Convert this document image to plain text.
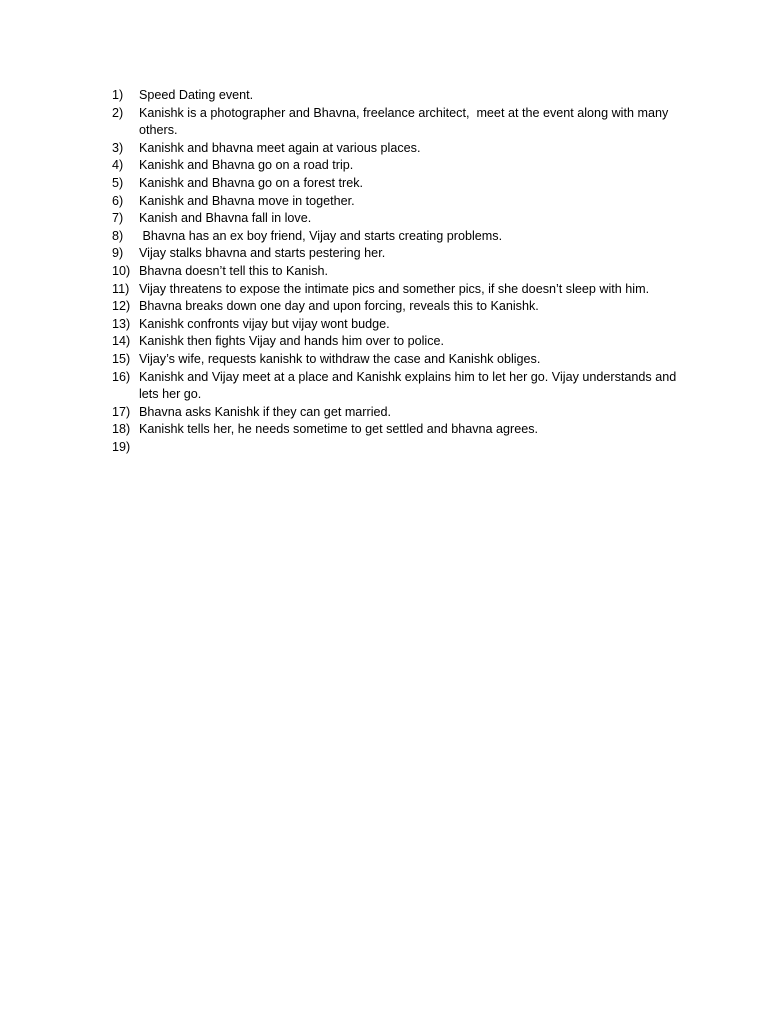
1)	Speed Dating event.
2)	Kanishk is a photographer and Bhavna, freelance architect,  meet at the event along with many others.
3)	Kanishk and bhavna meet again at various places.
4)	Kanishk and Bhavna go on a road trip.
5)	Kanishk and Bhavna go on a forest trek.
6)	Kanishk and Bhavna move in together.
7)	Kanish and Bhavna fall in love.
8)	Bhavna has an ex boy friend, Vijay and starts creating problems.
9)	Vijay stalks bhavna and starts pestering her.
10) Bhavna doesn’t tell this to Kanish.
11) Vijay threatens to expose the intimate pics and somether pics, if she doesn’t sleep with him.
12) Bhavna breaks down one day and upon forcing, reveals this to Kanishk.
13) Kanishk confronts vijay but vijay wont budge.
14) Kanishk then fights Vijay and hands him over to police.
15) Vijay’s wife, requests kanishk to withdraw the case and Kanishk obliges.
16) Kanishk and Vijay meet at a place and Kanishk explains him to let her go. Vijay understands and lets her go.
17) Bhavna asks Kanishk if they can get married.
18) Kanishk tells her, he needs sometime to get settled and bhavna agrees.
19)
